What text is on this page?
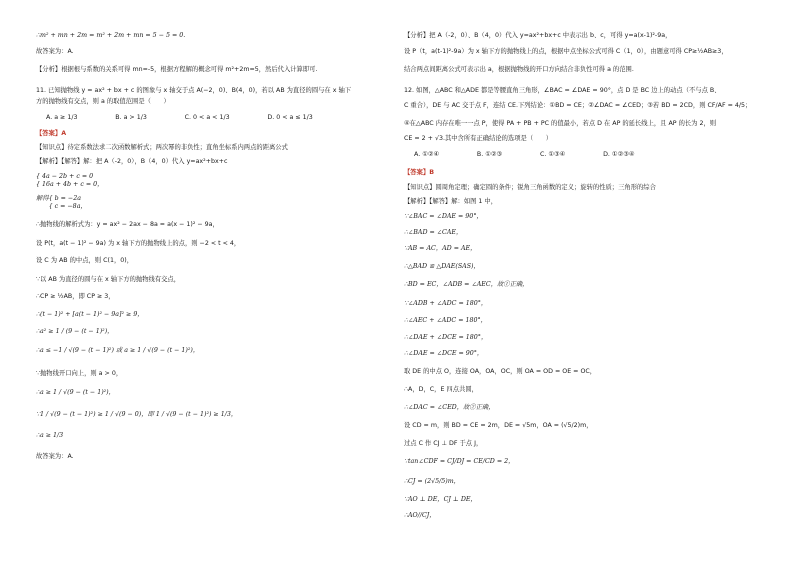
∴m² + mn + 2m = m² + 2m + mn = 5 − 5 = 0.
故答案为：A.
【分析】根据根与系数的关系可得 mn=-5，根据方程解的概念可得 m²+2m=5，然后代入计算即可.
11. 已知抛物线 y = ax² + bx + c 的图象与 x 轴交于点 A(−2，0)、B(4，0)，若以 AB 为直径的圆与在 x 轴下
方的抛物线有交点，则 a 的取值范围是（　　）
A. a ≥ 1/3　　　　　　B. a > 1/3　　　　　　C. 0 < a < 1/3　　　　　　D. 0 < a ≤ 1/3
【答案】A
【知识点】待定系数法求二次函数解析式；两次幂的非负性；直角坐标系内两点的距离公式
【解析】【解答】解：把 A（-2，0），B（4，0）代入 y=ax²+bx+c
{ 4a − 2b + c = 0
{ 16a + 4b + c = 0，
解得{ b = −2a
　　{ c = −8a，
∴抛物线的解析式为：y = ax² − 2ax − 8a = a(x − 1)² − 9a，
设 P(t，a(t − 1)² − 9a) 为 x 轴下方的抛物线上的点，则 −2 < t < 4，
设 C 为 AB 的中点，则 C(1，0)，
∵以 AB 为直径的圆与在 x 轴下方的抛物线有交点，
∴CP ≥ ½AB，即 CP ≥ 3，
∴(t − 1)² + [a(t − 1)² − 9a]² ≥ 9，
∴a² ≥ 1 / (9 − (t − 1)²)，
∴a ≤ −1 / √(9 − (t − 1)²) 或 a ≥ 1 / √(9 − (t − 1)²)，
∵抛物线开口向上，则 a > 0，
∴a ≥ 1 / √(9 − (t − 1)²)，
∵1 / √(9 − (t − 1)²) ≥ 1 / √(9 − 0)，即 1 / √(9 − (t − 1)²) ≥ 1/3，
∴a ≥ 1/3
故答案为：A.
【分析】把 A（-2，0）、B（4，0）代入 y=ax²+bx+c 中表示出 b、c，可得 y=a(x-1)²-9a，
设 P（t，a(t-1)²-9a）为 x 轴下方的抛物线上的点，根据中点坐标公式可得 C（1，0），由题意可得 CP≥½AB≥3，
结合两点间距离公式可表示出 a，根据抛物线的开口方向结合非负性可得 a 的范围.
12. 如图，△ABC 和△ADE 都是等腰直角三角形，∠BAC = ∠DAE = 90°，点 D 是 BC 边上的动点（不与点 B、
C 重合），DE 与 AC 交于点 F，连结 CE.下列结论：①BD = CE；②∠DAC = ∠CED；③若 BD = 2CD，则 CF/AF = 4/5；
④在△ABC 内存在唯一一点 P，使得 PA + PB + PC 的值最小，若点 D 在 AP 的延长线上，且 AP 的长为 2，则
CE = 2 + √3.其中含所有正确结论的选项是（　　）
A. ①②④　　　　　　B. ①②③　　　　　　C. ①③④　　　　　　D. ①②③④
【答案】B
【知识点】圆周角定理；确定圆的条件；锐角三角函数的定义；旋转的性质；三角形的综合
【解析】【解答】解：如图 1 中，
∵∠BAC = ∠DAE = 90°，
∴∠BAD = ∠CAE，
∵AB = AC，AD = AE，
∴△BAD ≌ △DAE(SAS)，
∴BD = EC，∠ADB = ∠AEC，故①正确，
∵∠ADB + ∠ADC = 180°，
∴∠AEC + ∠ADC = 180°，
∴∠DAE + ∠DCE = 180°，
∴∠DAE = ∠DCE = 90°，
取 DE 的中点 O，连接 OA，OA，OC，则 OA = OD = OE = OC，
∴A，D，C，E 四点共圆，
∴∠DAC = ∠CED，故②正确，
设 CD = m，则 BD = CE = 2m，DE = √5m，OA = (√5/2)m，
过点 C 作 CJ ⊥ DF 于点 J，
∵tan∠CDF = CJ/DJ = CE/CD = 2，
∴CJ = (2√5/5)m，
∵AO ⊥ DE，CJ ⊥ DE，
∴AO//CJ，
